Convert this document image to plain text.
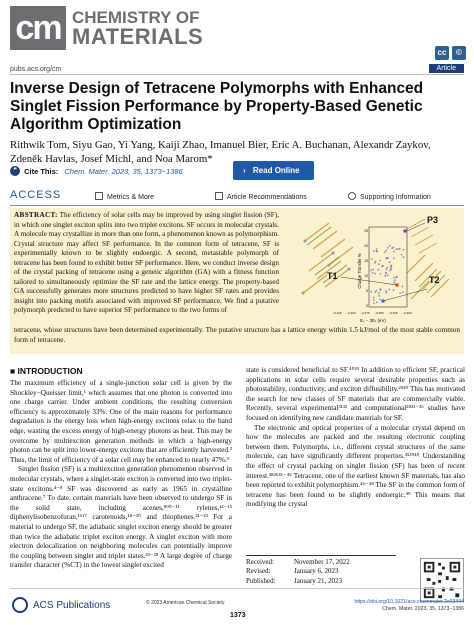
cm CHEMISTRY OF
MATERIALS
cc	©
pubs.acs.org/cm	Article
Inverse Design of Tetracene Polymorphs with Enhanced Singlet Fission Performance by Property-Based Genetic Algorithm Optimization
Rithwik Tom, Siyu Gao, Yi Yang, Kaiji Zhao, Imanuel Bier, Eric A. Buchanan, Alexandr Zaykov, Zdeněk Havlas, Josef Michl, and Noa Marom*
❝ Cite This: Chem. Mater. 2023, 35, 1373−1386	› Read Online
ACCESS	Metrics & More	Article Recommendations	Supporting Information
ABSTRACT: The efficiency of solar cells may be improved by using singlet fission (SF), in which one singlet exciton splits into two triplet excitons. SF occurs in molecular crystals. A molecule may crystallize in more than one form, a phenomenon known as polymorphism. Crystal structure may affect SF performance. In the common form of tetracene, SF is experimentally known to be slightly endoergic. A second, metastable polymorph of tetracene has been found to exhibit better SF performance. Here, we conduct inverse design of the crystal packing of tetracene using a genetic algorithm (GA) with a fitness function tailored to simultaneously optimize the SF rate and the lattice energy. The property-based GA successfully generates more structures predicted to have higher SF rates and provides insight into packing motifs associated with improved SF performance. We find a putative polymorph predicted to have superior SF performance to the two forms of
P3
T1	T2
Charge Transfer %
25
20
15
10
5
0
−0.425 −0.400 −0.375 −0.350 −0.325 −0.300
Eₛ − 2Eₜ (eV)
tetracene, whose structures have been determined experimentally. The putative structure has a lattice energy within 1.5 kJ/mol of the most stable common form of tetracene.
■ INTRODUCTION

The maximum efficiency of a single-junction solar cell is given by the Shockley−Queisser limit,¹ which assumes that one photon is converted into one charge carrier. Under ambient conditions, the resulting conversion efficiency is approximately 33%. One of the main reasons for performance degradation is the energy loss when high-energy excitons relax to the band edge, wasting the excess energy of high-energy photons as heat. This may be overcome by multiexciton generation methods in which a high-energy photon can be split into lower-energy excitons that are efficiently harvested.² Thus, the limit of efficiency of a solar cell may be enhanced to nearly 47%.³

Singlet fission (SF) is a multiexciton generation phenomenon observed in molecular crystals, where a singlet-state exciton is converted into two triplet-state excitons.⁴⁻⁸ SF was discovered as early as 1965 in crystalline anthracene.⁷ To date, certain materials have been observed to undergo SF in the solid state, including acenes,⁸⁹⁰⁻¹¹ rylenes,¹²⁻¹⁵ diphenylisobenzofuran,¹⁶¹⁷ carotenoids,¹⁸⁻²⁰ and thiophenes.²¹⁻²³ For a material to undergo SF, the adiabatic singlet exciton energy should be greater than twice the adiabatic triplet exciton energy. A singlet exciton with more electron delocalization on neighboring molecules can potentially improve the coupling between singlet and triplet states.³³⁻²⁸ A large degree of charge transfer character (%CT) in the lowest singlet excited

state is considered beneficial to SF.⁴⁰²⁹ In addition to efficient SF, practical applications in solar cells require several desirable properties such as photostability, conductivity, and exciton diffusibility.²⁹³⁰ This has motivated the search for new classes of SF materials that are commercially viable. Recently, several experimental³¹³² and computational²⁸³³⁻³⁶ studies have focused on identifying new candidate materials for SF.

The electronic and optical properties of a molecular crystal depend on how the molecules are packed and the resulting electronic coupling between them. Polymorphs, i.e., different crystal structures of the same molecule, can have significantly different properties.³⁵³⁹⁴⁰ Understanding the effect of crystal packing on singlet fission (SF) has been of recent interest.³⁸³⁶⁴¹⁻⁴⁵ Tetracene, one of the earliest known SF materials, has also been reported to exhibit polymorphism.⁴⁶⁻⁴⁸ The SF in the common form of tetracene has been found to be slightly endoergic.⁴⁹ This means that modifying the crystal

Received:	November 17, 2022
Revised:	January 6, 2023
Published:	January 21, 2023
ACS Publications	© 2023 American Chemical Society
1373
https://doi.org/10.1021/acs.chemmater.2c03444
Chem. Mater. 2023, 35, 1373−1386
